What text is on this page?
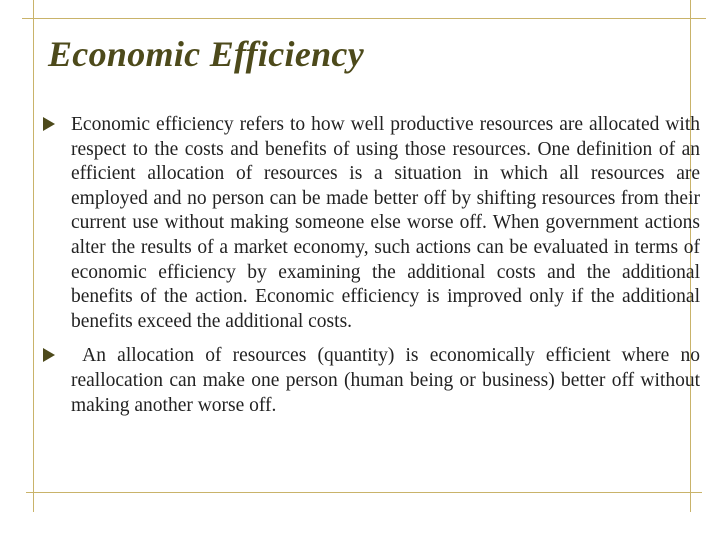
Economic Efficiency
Economic efficiency refers to how well productive resources are allocated with respect to the costs and benefits of using those resources. One definition of an efficient allocation of resources is a situation in which all resources are employed and no person can be made better off by shifting resources from their current use without making someone else worse off. When government actions alter the results of a market economy, such actions can be evaluated in terms of economic efficiency by examining the additional costs and the additional benefits of the action. Economic efficiency is improved only if the additional benefits exceed the additional costs.
An allocation of resources (quantity) is economically efficient where no reallocation can make one person (human being or business) better off without making another worse off.
